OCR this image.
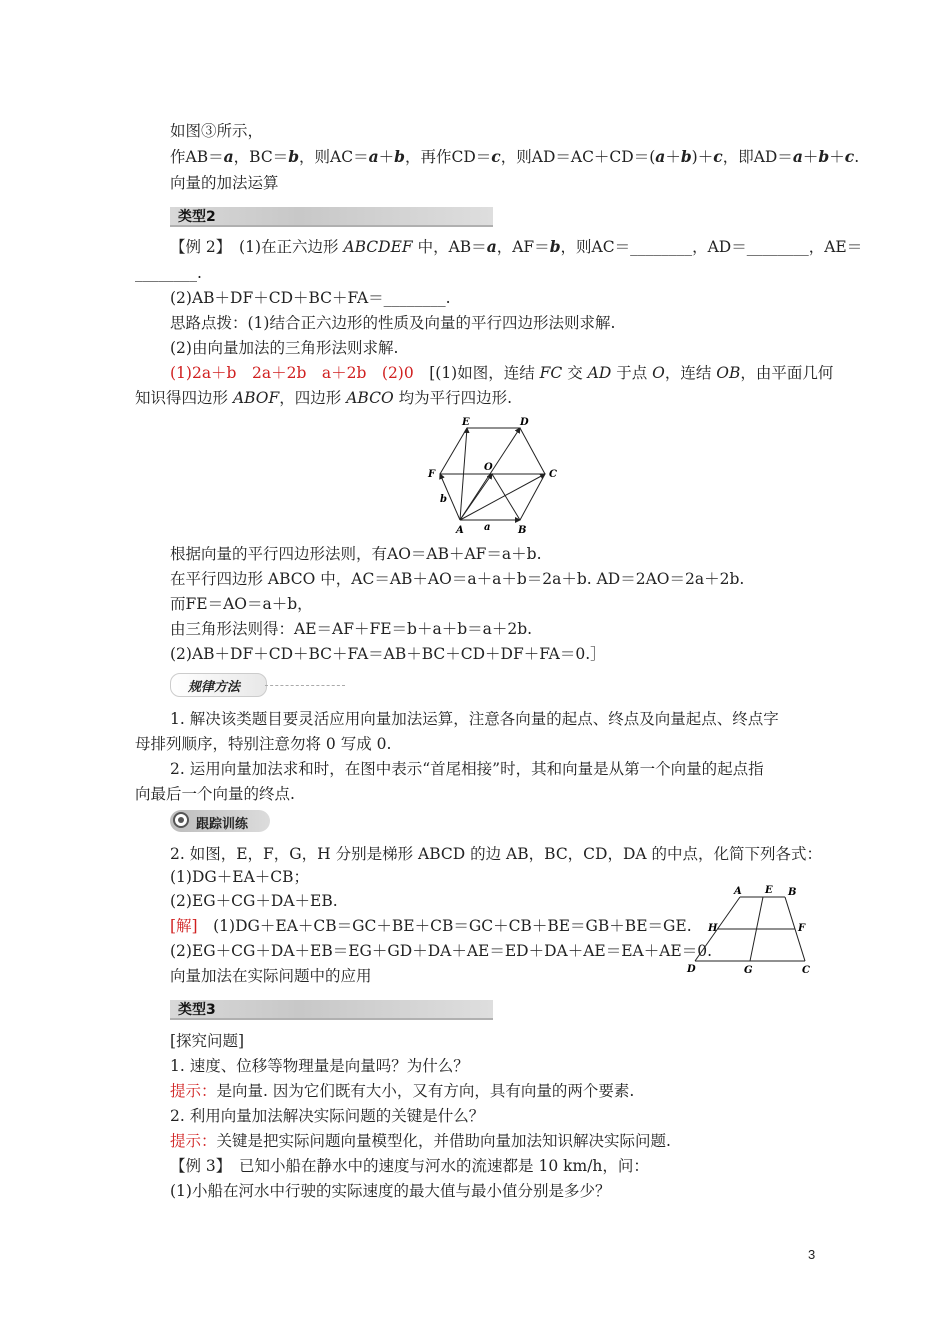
如图③所示，
作AB＝a，BC＝b，则AC＝a＋b，再作CD＝c，则AD＝AC＋CD＝(a＋b)＋c，即AD＝a＋b＋c.
向量的加法运算
类型2
【例 2】　(1)在正六边形 ABCDEF 中，AB＝a，AF＝b，则AC＝________，AD＝________，AE＝
________.
(2)AB＋DF＋CD＋BC＋FA＝________.
思路点拨：(1)结合正六边形的性质及向量的平行四边形法则求解.
(2)由向量加法的三角形法则求解.
(1)2a＋b　2a＋2b　a＋2b　(2)0　[(1)如图，连结 FC 交 AD 于点 O，连结 OB，由平面几何
知识得四边形 ABOF，四边形 ABCO 均为平行四边形.
E	D
F
O
C
b
A a	B
根据向量的平行四边形法则，有AO＝AB＋AF＝a＋b.
在平行四边形 ABCO 中，AC＝AB＋AO＝a＋a＋b＝2a＋b. AD＝2AO＝2a＋2b.
而FE＝AO＝a＋b，
由三角形法则得：AE＝AF＋FE＝b＋a＋b＝a＋2b.
(2)AB＋DF＋CD＋BC＋FA＝AB＋BC＋CD＋DF＋FA＝0.］
规律方法
1. 解决该类题目要灵活应用向量加法运算，注意各向量的起点、终点及向量起点、终点字
母排列顺序，特别注意勿将 0 写成 0.
2. 运用向量加法求和时，在图中表示“首尾相接”时，其和向量是从第一个向量的起点指
向最后一个向量的终点.
跟踪训练
2. 如图，E，F，G，H 分别是梯形 ABCD 的边 AB，BC，CD，DA 的中点，化简下列各式：
(1)DG＋EA＋CB；
(2)EG＋CG＋DA＋EB.
[解]　(1)DG＋EA＋CB＝GC＋BE＋CB＝GC＋CB＋BE＝GB＋BE＝GE.
(2)EG＋CG＋DA＋EB＝EG＋GD＋DA＋AE＝ED＋DA＋AE＝EA＋AE＝0.
向量加法在实际问题中的应用
A E B
H	F
D	G	C
类型3
[探究问题]
1. 速度、位移等物理量是向量吗？为什么？
提示：是向量. 因为它们既有大小，又有方向，具有向量的两个要素.
2. 利用向量加法解决实际问题的关键是什么？
提示：关键是把实际问题向量模型化，并借助向量加法知识解决实际问题.
【例 3】　已知小船在静水中的速度与河水的流速都是 10 km/h，问：
(1)小船在河水中行驶的实际速度的最大值与最小值分别是多少？
3
